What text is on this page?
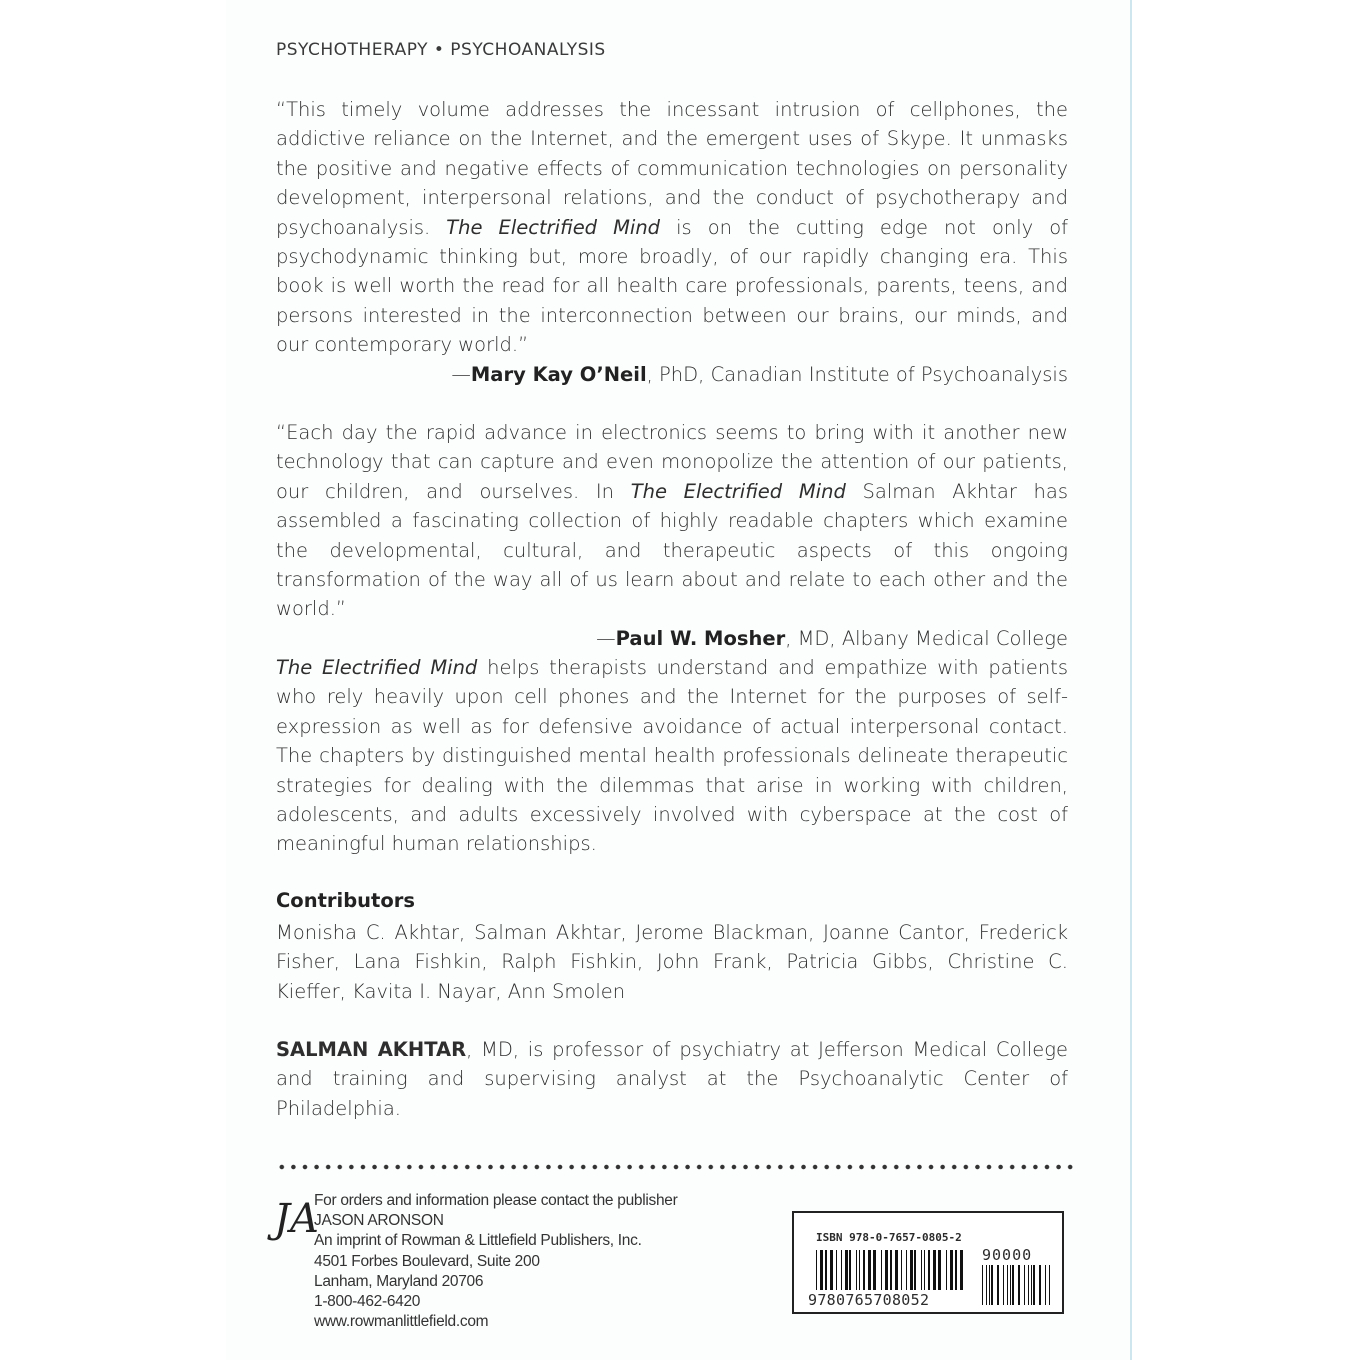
PSYCHOTHERAPY • PSYCHOANALYSIS
“This timely volume addresses the incessant intrusion of cellphones, the addictive reliance on the Internet, and the emergent uses of Skype. It unmasks the positive and negative effects of communication technologies on personality development, interpersonal relations, and the conduct of psychotherapy and psychoanalysis. The Electrified Mind is on the cutting edge not only of psychodynamic thinking but, more broadly, of our rapidly changing era. This book is well worth the read for all health care professionals, parents, teens, and persons interested in the interconnection between our brains, our minds, and our contemporary world.”
—Mary Kay O’Neil, PhD, Canadian Institute of Psychoanalysis
“Each day the rapid advance in electronics seems to bring with it another new technology that can capture and even monopolize the attention of our patients, our children, and ourselves. In The Electrified Mind Salman Akhtar has assembled a fascinating collection of highly readable chapters which examine the developmental, cultural, and therapeutic aspects of this ongoing transformation of the way all of us learn about and relate to each other and the world.”
—Paul W. Mosher, MD, Albany Medical College
The Electrified Mind helps therapists understand and empathize with patients who rely heavily upon cell phones and the Internet for the purposes of self-expression as well as for defensive avoidance of actual interpersonal contact. The chapters by distinguished mental health professionals delineate therapeutic strategies for dealing with the dilemmas that arise in working with children, adolescents, and adults excessively involved with cyberspace at the cost of meaningful human relationships.
Contributors
Monisha C. Akhtar, Salman Akhtar, Jerome Blackman, Joanne Cantor, Frederick Fisher, Lana Fishkin, Ralph Fishkin, John Frank, Patricia Gibbs, Christine C. Kieffer, Kavita I. Nayar, Ann Smolen
SALMAN AKHTAR, MD, is professor of psychiatry at Jefferson Medical College and training and supervising analyst at the Psychoanalytic Center of Philadelphia.
JA
For orders and information please contact the publisher
JASON ARONSON
An imprint of Rowman & Littlefield Publishers, Inc.
4501 Forbes Boulevard, Suite 200
Lanham, Maryland 20706
1-800-462-6420
www.rowmanlittlefield.com
ISBN 978-0-7657-0805-2
90000
9780765708052
